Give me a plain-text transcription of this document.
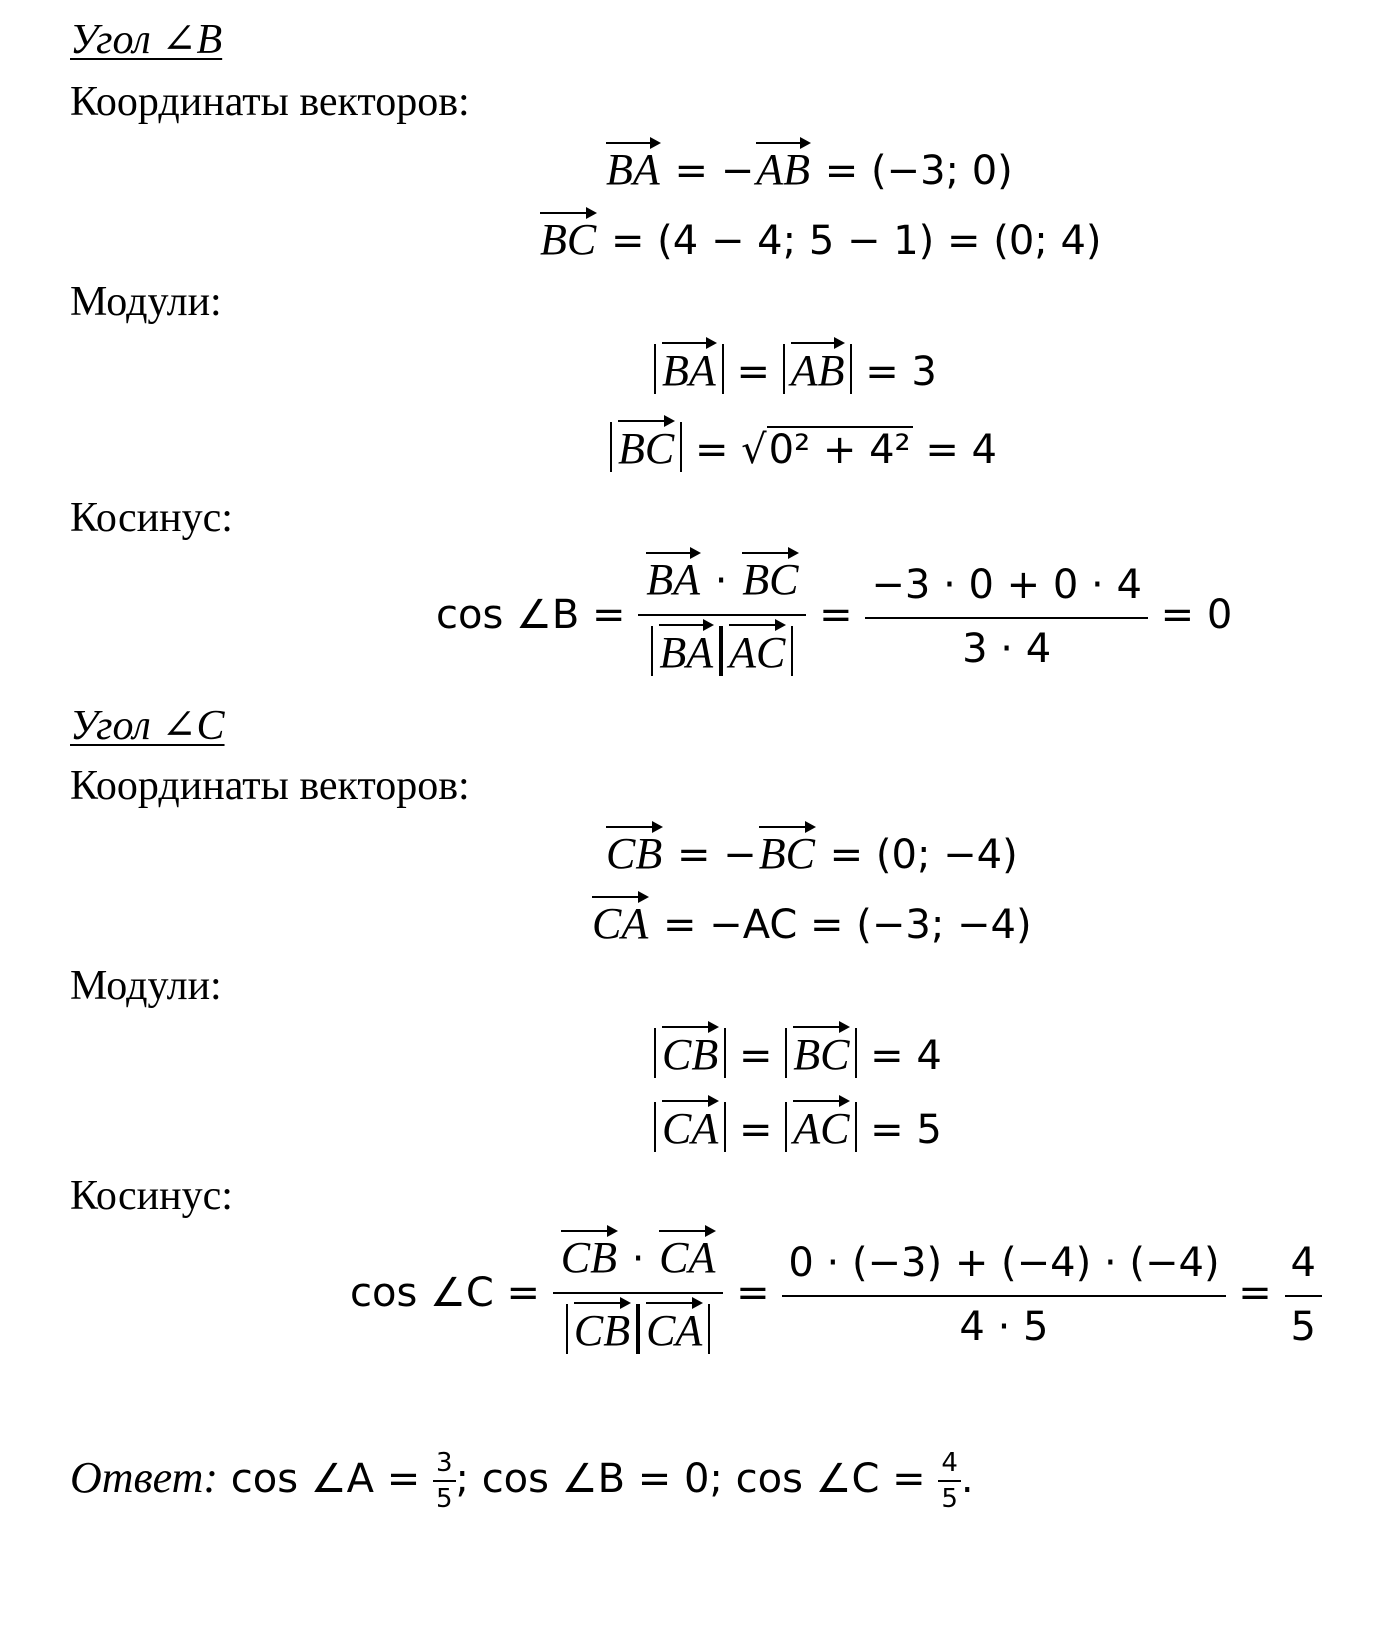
Угол ∠B
Координаты векторов:
BA = −AB = (−3; 0)
BC = (4 − 4; 5 − 1) = (0; 4)
Модули:
BA = AB = 3
BC = √0² + 4² = 4
Косинус:
cos ∠B = $\frac{BA \cdot BC}{\text{BA AC}} = \frac{-3 \cdot 0 + 0 \cdot 4}{3 \cdot 4} = 0$
Угол ∠C
Координаты векторов:
CB = −BC = (0; −4)
CA = −AC = (−3; −4)
Модули:
CB = BC = 4
CA = AC = 5
Косинус:
cos ∠C = $\frac{CB \cdot CA}{\text{CB CA}} = \frac{0 \cdot (-3) + (-4) \cdot (-4)}{4 \cdot 5} = \frac{4}{5}$
Ответ: cos ∠A = $\frac{3}{5}$ ; cos ∠B = 0; cos ∠C = $\frac{4}{5}$ .
